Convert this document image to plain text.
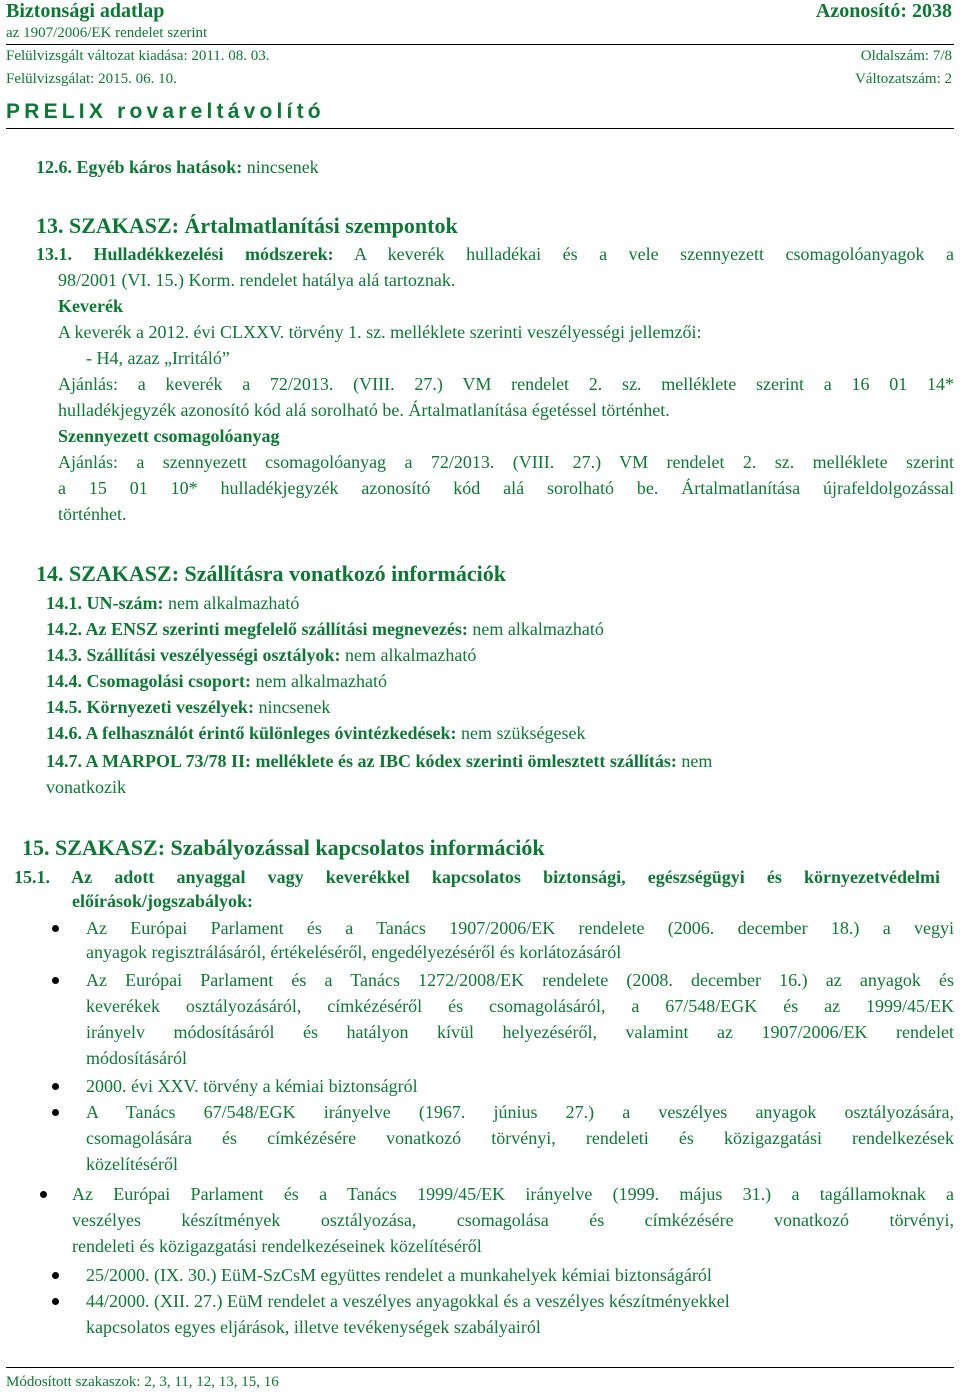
Biztonsági adatlap	Azonosító: 2038
az 1907/2006/EK rendelet szerint
Felülvizsgált változat kiadása: 2011. 08. 03.	Oldalszám: 7/8
Felülvizsgálat: 2015. 06. 10.	Változatszám: 2
PRELIX rovareltávolító
12.6. Egyéb káros hatások: nincsenek
13. SZAKASZ: Ártalmatlanítási szempontok
13.1. Hulladékkezelési módszerek: A keverék hulladékai és a vele szennyezett csomagolóanyagok a
98/2001 (VI. 15.) Korm. rendelet hatálya alá tartoznak.
Keverék
A keverék a 2012. évi CLXXV. törvény 1. sz. melléklete szerinti veszélyességi jellemzői:
- H4, azaz „Irritáló”
Ajánlás: a keverék a 72/2013. (VIII. 27.) VM rendelet 2. sz. melléklete szerint a 16 01 14*
hulladékjegyzék azonosító kód alá sorolható be. Ártalmatlanítása égetéssel történhet.
Szennyezett csomagolóanyag
Ajánlás: a szennyezett csomagolóanyag a 72/2013. (VIII. 27.) VM rendelet 2. sz. melléklete szerint
a 15 01 10* hulladékjegyzék azonosító kód alá sorolható be. Ártalmatlanítása újrafeldolgozással
történhet.
14. SZAKASZ: Szállításra vonatkozó információk
14.1. UN-szám: nem alkalmazható
14.2. Az ENSZ szerinti megfelelő szállítási megnevezés: nem alkalmazható
14.3. Szállítási veszélyességi osztályok: nem alkalmazható
14.4. Csomagolási csoport: nem alkalmazható
14.5. Környezeti veszélyek: nincsenek
14.6. A felhasználót érintő különleges óvintézkedések: nem szükségesek
14.7. A MARPOL 73/78 II: melléklete és az IBC kódex szerinti ömlesztett szállítás: nem
vonatkozik
15. SZAKASZ: Szabályozással kapcsolatos információk
15.1. Az adott anyaggal vagy keverékkel kapcsolatos biztonsági, egészségügyi és környezetvédelmi
előírások/jogszabályok:
Az Európai Parlament és a Tanács 1907/2006/EK rendelete (2006. december 18.) a vegyi
anyagok regisztrálásáról, értékeléséről, engedélyezéséről és korlátozásáról
Az Európai Parlament és a Tanács 1272/2008/EK rendelete (2008. december 16.) az anyagok és
keverékek osztályozásáról, címkézéséről és csomagolásáról, a 67/548/EGK és az 1999/45/EK
irányelv módosításáról és hatályon kívül helyezéséről, valamint az 1907/2006/EK rendelet
módosításáról
2000. évi XXV. törvény a kémiai biztonságról
A Tanács 67/548/EGK irányelve (1967. június 27.) a veszélyes anyagok osztályozására,
csomagolására és címkézésére vonatkozó törvényi, rendeleti és közigazgatási rendelkezések
közelítéséről
Az Európai Parlament és a Tanács 1999/45/EK irányelve (1999. május 31.) a tagállamoknak a
veszélyes készítmények osztályozása, csomagolása és címkézésére vonatkozó törvényi,
rendeleti és közigazgatási rendelkezéseinek közelítéséről
25/2000. (IX. 30.) EüM-SzCsM együttes rendelet a munkahelyek kémiai biztonságáról
44/2000. (XII. 27.) EüM rendelet a veszélyes anyagokkal és a veszélyes készítményekkel
kapcsolatos egyes eljárások, illetve tevékenységek szabályairól
Módosított szakaszok: 2, 3, 11, 12, 13, 15, 16
